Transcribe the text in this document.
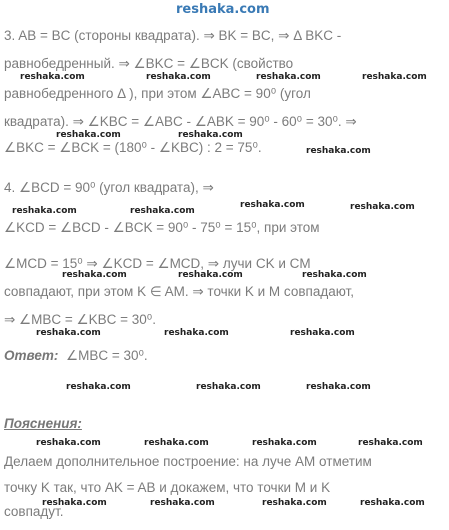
reshaka.com
3. AB = BC (стороны квадрата). ⇒ BK = BC, ⇒ Δ BKC -
равнобедренный. ⇒ ∠BKC = ∠BCK (свойство
равнобедренного Δ ), при этом ∠ABC = 90⁰ (угол
квадрата). ⇒ ∠KBC = ∠ABC - ∠ABK = 90⁰ - 60⁰ = 30⁰. ⇒
∠BKC = ∠BCK = (180⁰ - ∠KBC) : 2 = 75⁰.
4. ∠BCD = 90⁰ (угол квадрата), ⇒
∠KCD = ∠BCD - ∠BCK = 90⁰ - 75⁰ = 15⁰, при этом
∠MCD = 15⁰ ⇒ ∠KCD = ∠MCD, ⇒ лучи CK и CM
совпадают, при этом K ∈ AM. ⇒ точки K и M совпадают,
⇒ ∠MBC = ∠KBC = 30⁰.
Ответ: ∠MBC = 30⁰.
Пояснения:
Делаем дополнительное построение: на луче AM отметим
точку K так, что AK = AB и докажем, что точки M и K
совпадут.
reshaka.com	reshaka.com	reshaka.com	reshaka.com
reshaka.com	reshaka.com
reshaka.com
reshaka.com	reshaka.com
reshaka.com	reshaka.com
reshaka.com	reshaka.com	reshaka.com
reshaka.com	reshaka.com	reshaka.com
reshaka.com	reshaka.com	reshaka.com
reshaka.com	reshaka.com	reshaka.com	reshaka.com
reshaka.com	reshaka.com	reshaka.com	reshaka.com
